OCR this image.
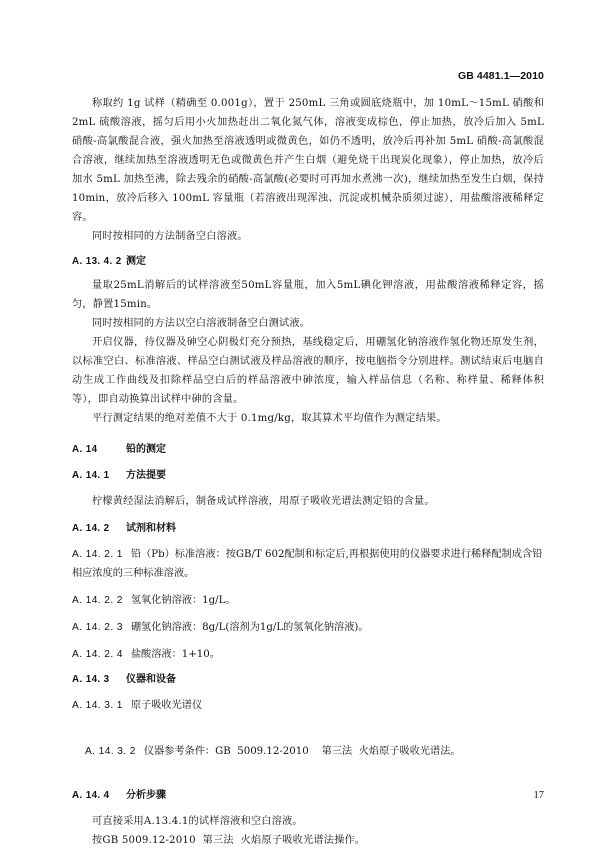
GB 4481.1—2010

称取约 1g 试样（精确至 0.001g），置于 250mL 三角或圆底烧瓶中，加 10mL～15mL 硝酸和 2mL 硫酸溶液，摇匀后用小火加热赶出二氧化氮气体，溶液变成棕色，停止加热，放冷后加入 5mL 硝酸-高氯酸混合液，强火加热至溶液透明或微黄色，如仍不透明，放冷后再补加 5mL 硝酸-高氯酸混合溶液，继续加热至溶液透明无色或微黄色并产生白烟（避免烧干出现炭化现象），停止加热，放冷后加水 5mL 加热至沸，除去残余的硝酸-高氯酸(必要时可再加水煮沸一次)，继续加热至发生白烟，保持 10min，放冷后移入 100mL 容量瓶（若溶液出现浑浊、沉淀或机械杂质须过滤），用盐酸溶液稀释定容。

同时按相同的方法制备空白溶液。

A. 13. 4. 2 测定

量取25mL消解后的试样溶液至50mL容量瓶，加入5mL碘化钾溶液，用盐酸溶液稀释定容，摇匀，静置15min。

同时按相同的方法以空白溶液制备空白测试液。

开启仪器，待仪器及砷空心阴极灯充分预热，基线稳定后，用硼氢化钠溶液作氢化物还原发生剂，以标准空白、标准溶液、样品空白测试液及样品溶液的顺序，按电脑指令分别进样。测试结束后电脑自动生成工作曲线及扣除样品空白后的样品溶液中砷浓度，输入样品信息（名称、称样量、稀释体积等），即自动换算出试样中砷的含量。

平行测定结果的绝对差值不大于 0.1mg/kg，取其算术平均值作为测定结果。

A. 14	铅的测定
A. 14. 1	方法提要

柠檬黄经湿法消解后，制备成试样溶液，用原子吸收光谱法测定铅的含量。

A. 14. 2	试剂和材料

A. 14. 2. 1 铅（Pb）标准溶液：按GB/T 602配制和标定后,再根据使用的仪器要求进行稀释配制成含铅相应浓度的三种标准溶液。

A. 14. 2. 2 氢氧化钠溶液：1g/L。

A. 14. 2. 3 硼氢化钠溶液：8g/L(溶剂为1g/L的氢氧化钠溶液)。

A. 14. 2. 4 盐酸溶液：1+10。

A. 14. 3	仪器和设备

A. 14. 3. 1 原子吸收光谱仪

A. 14. 3. 2 仪器参考条件：GB  5009.12-2010    第三法  火焰原子吸收光谱法。

A. 14. 4	分析步骤

可直接采用A.13.4.1的试样溶液和空白溶液。

按GB 5009.12-2010  第三法  火焰原子吸收光谱法操作。

17
